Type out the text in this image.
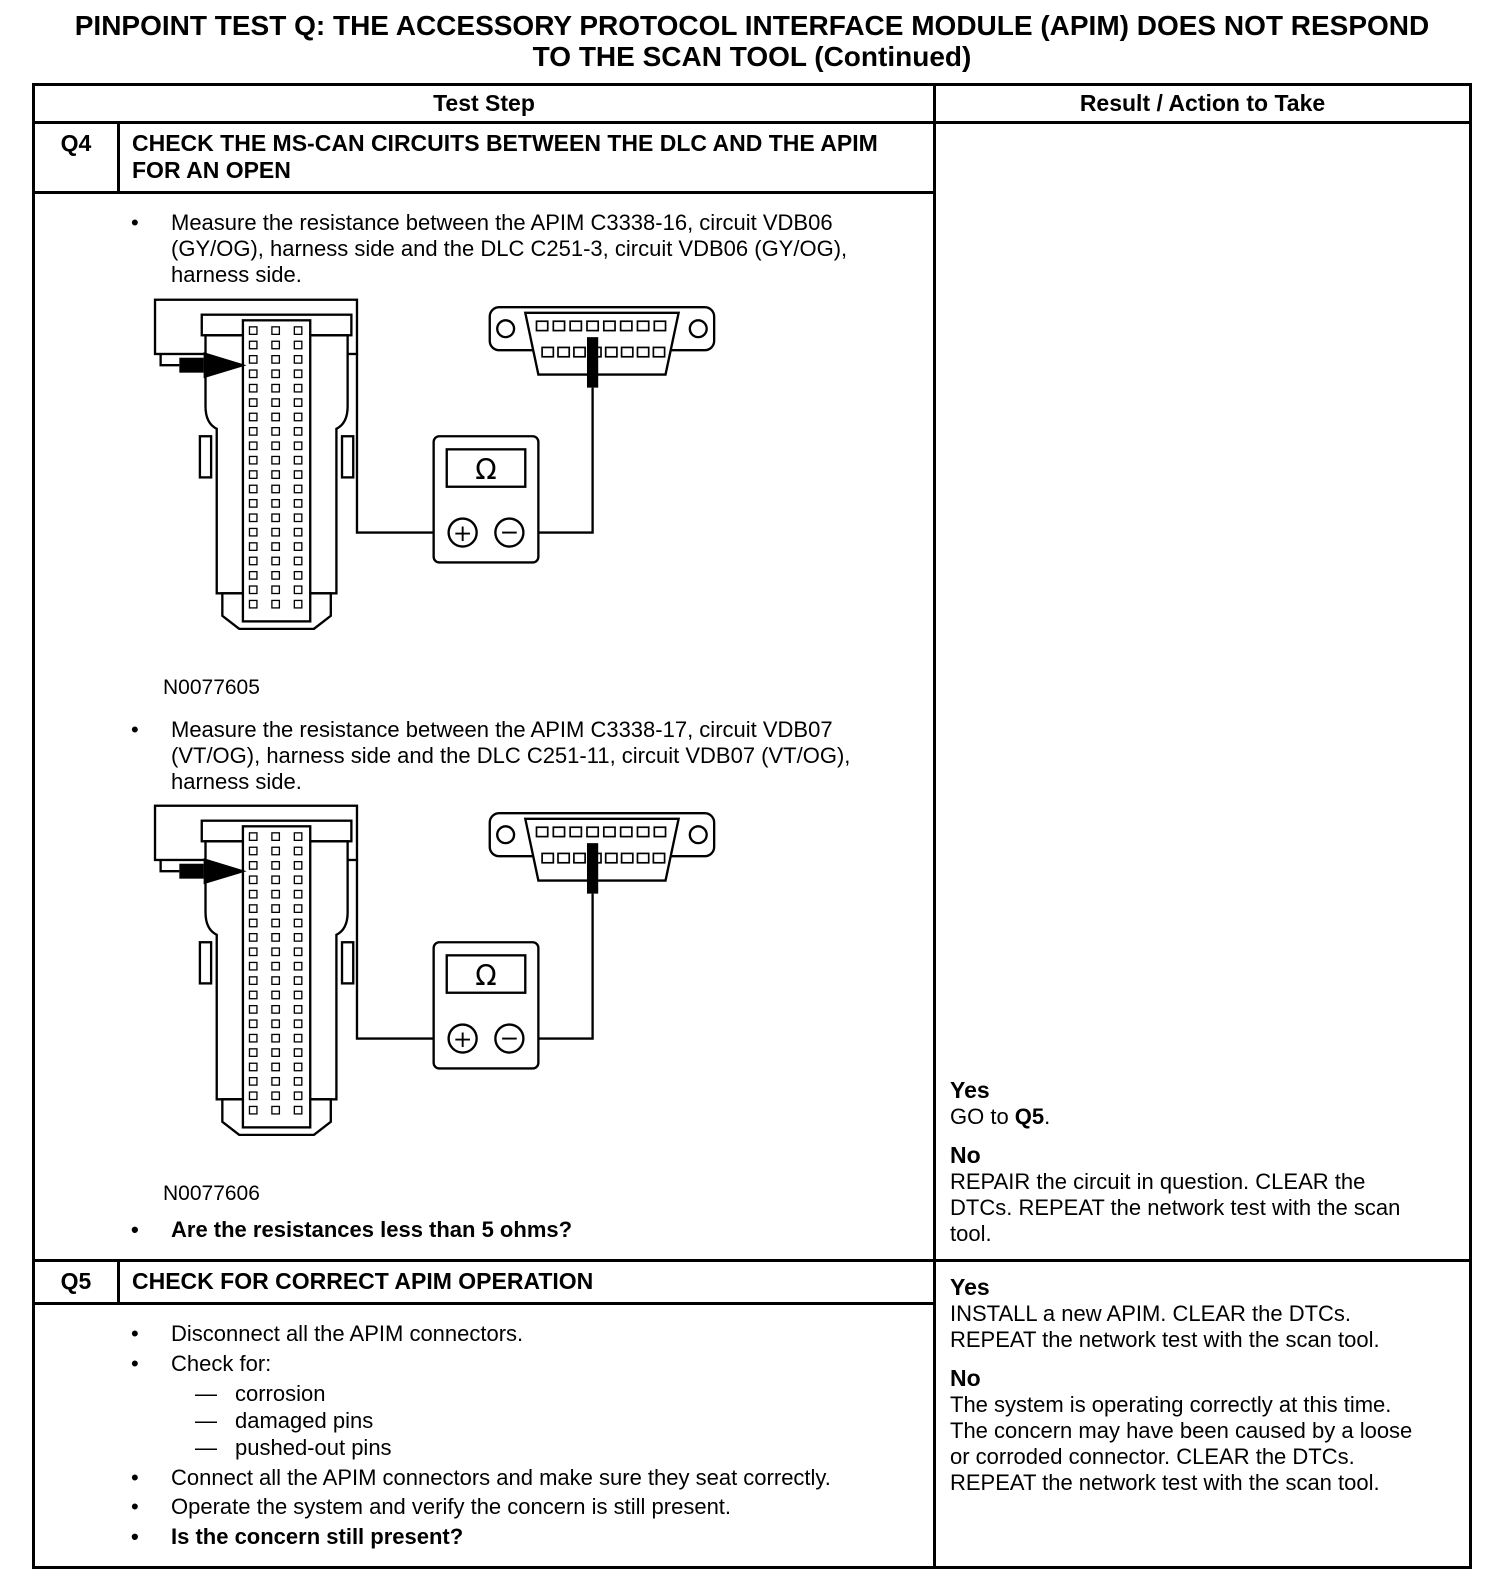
PINPOINT TEST Q: THE ACCESSORY PROTOCOL INTERFACE MODULE (APIM) DOES NOT RESPOND
TO THE SCAN TOOL (Continued)
Test Step	Result / Action to Take
Q4	CHECK THE MS-CAN CIRCUITS BETWEEN THE DLC AND THE APIM FOR AN OPEN
•	Measure the resistance between the APIM C3338-16, circuit VDB06 (GY/OG), harness side and the DLC C251-3, circuit VDB06 (GY/OG), harness side.
N0077605
•	Measure the resistance between the APIM C3338-17, circuit VDB07 (VT/OG), harness side and the DLC C251-11, circuit VDB07 (VT/OG), harness side.
N0077606
•	Are the resistances less than 5 ohms?
Yes
GO to Q5.
No
REPAIR the circuit in question. CLEAR the DTCs. REPEAT the network test with the scan tool.
Q5	CHECK FOR CORRECT APIM OPERATION
•	Disconnect all the APIM connectors.
•	Check for:
— corrosion
— damaged pins
— pushed-out pins
•	Connect all the APIM connectors and make sure they seat correctly.
•	Operate the system and verify the concern is still present.
•	Is the concern still present?
Yes
INSTALL a new APIM. CLEAR the DTCs. REPEAT the network test with the scan tool.
No
The system is operating correctly at this time. The concern may have been caused by a loose or corroded connector. CLEAR the DTCs. REPEAT the network test with the scan tool.
